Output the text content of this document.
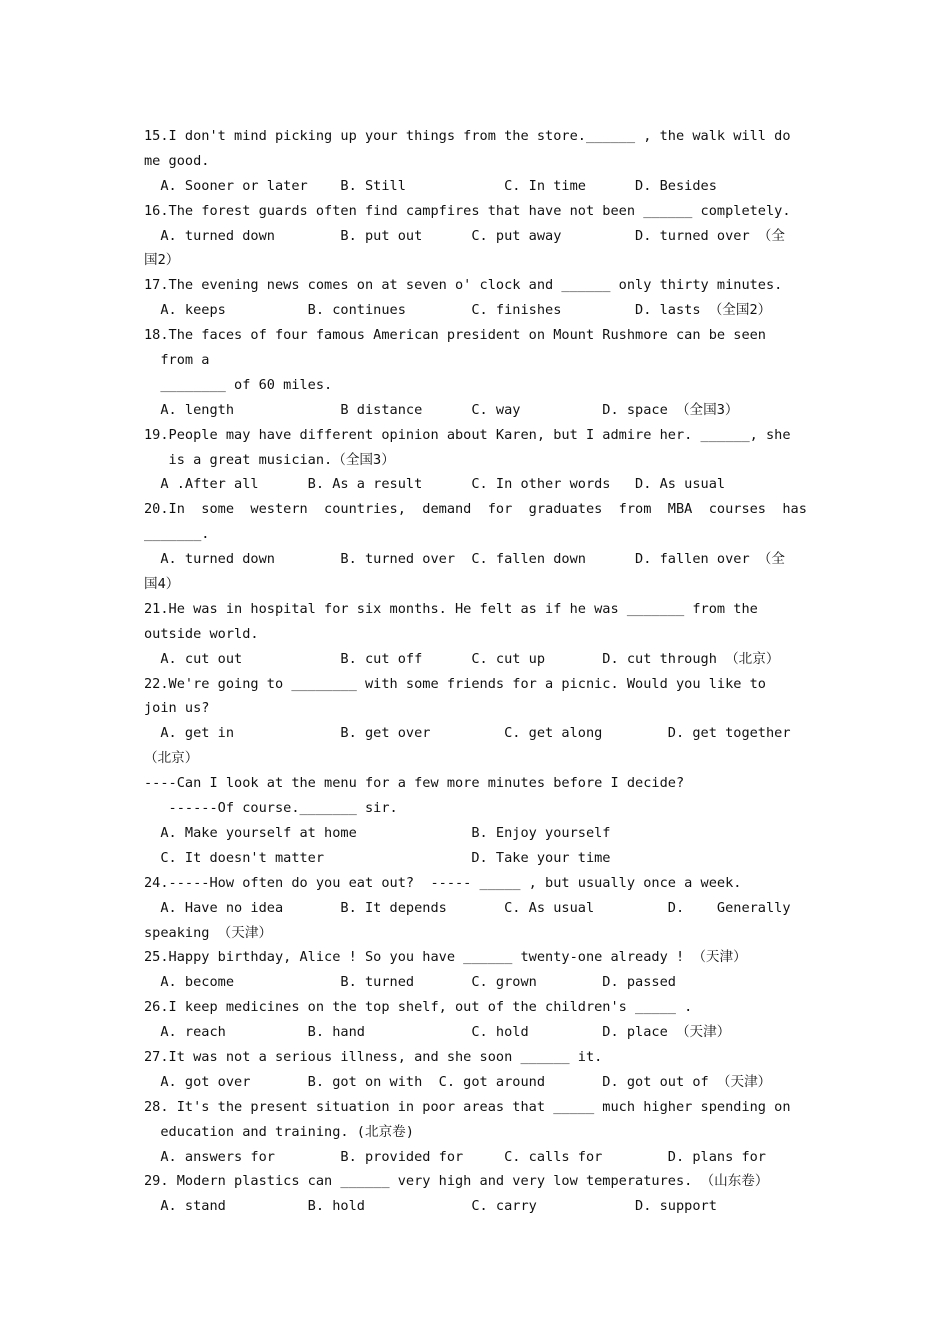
15.I don't mind picking up your things from the store.______ , the walk will do
me good.
A. Sooner or later    B. Still            C. In time      D. Besides
16.The forest guards often find campfires that have not been ______ completely.
A. turned down        B. put out      C. put away         D. turned over （全
国2）
17.The evening news comes on at seven o' clock and ______ only thirty minutes.
A. keeps          B. continues        C. finishes         D. lasts （全国2）
18.The faces of four famous American president on Mount Rushmore can be seen
from a
________ of 60 miles.
A. length             B distance      C. way          D. space （全国3）
19.People may have different opinion about Karen, but I admire her. ______, she
is a great musician.（全国3）
A .After all      B. As a result      C. In other words   D. As usual
20.In  some  western  countries,  demand  for  graduates  from  MBA  courses  has
_______.
A. turned down        B. turned over  C. fallen down      D. fallen over （全
国4）
21.He was in hospital for six months. He felt as if he was _______ from the
outside world.
A. cut out            B. cut off      C. cut up       D. cut through （北京）
22.We're going to ________ with some friends for a picnic. Would you like to
join us?
A. get in             B. get over         C. get along        D. get together
（北京）
----Can I look at the menu for a few more minutes before I decide?
------Of course._______ sir.
A. Make yourself at home              B. Enjoy yourself
C. It doesn't matter                  D. Take your time
24.-----How often do you eat out?  ----- _____ , but usually once a week.
A. Have no idea       B. It depends       C. As usual         D.    Generally
speaking （天津）
25.Happy birthday, Alice ! So you have ______ twenty-one already ! （天津）
A. become             B. turned       C. grown        D. passed
26.I keep medicines on the top shelf, out of the children's _____ .
A. reach          B. hand             C. hold         D. place （天津）
27.It was not a serious illness, and she soon ______ it.
A. got over       B. got on with  C. got around       D. got out of （天津）
28. It's the present situation in poor areas that _____ much higher spending on
education and training. (北京卷)
A. answers for        B. provided for     C. calls for        D. plans for
29. Modern plastics can ______ very high and very low temperatures. （山东卷）
A. stand          B. hold             C. carry            D. support
